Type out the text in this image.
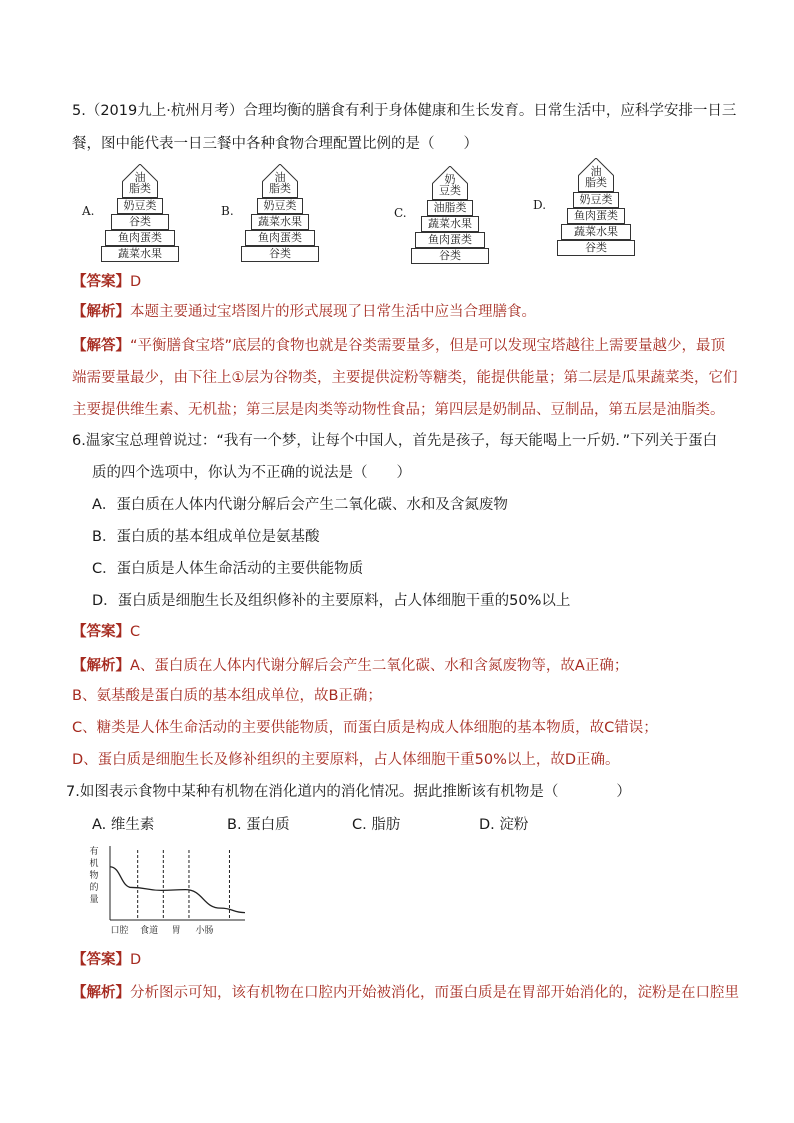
5.（2019九上·杭州月考）合理均衡的膳食有利于身体健康和生长发育。日常生活中，应科学安排一日三
餐，图中能代表一日三餐中各种食物合理配置比例的是（　　）
A.
脂类
奶豆类
谷类
鱼肉蛋类
蔬菜水果
油
B.
脂类
奶豆类
蔬菜水果
鱼肉蛋类
谷类
油
C.
豆类
油脂类
蔬菜水果
鱼肉蛋类
谷类
奶
D.
脂类
奶豆类
鱼肉蛋类
蔬菜水果
谷类
油
【答案】D
【解析】本题主要通过宝塔图片的形式展现了日常生活中应当合理膳食。
【解答】“平衡膳食宝塔”底层的食物也就是谷类需要量多，但是可以发现宝塔越往上需要量越少，最顶
端需要量最少，由下往上①层为谷物类，主要提供淀粉等糖类，能提供能量；第二层是瓜果蔬菜类，它们
主要提供维生素、无机盐；第三层是肉类等动物性食品；第四层是奶制品、豆制品，第五层是油脂类。
6.温家宝总理曾说过：“我有一个梦，让每个中国人，首先是孩子，每天能喝上一斤奶．”下列关于蛋白
质的四个选项中，你认为不正确的说法是（　　）
A．蛋白质在人体内代谢分解后会产生二氧化碳、水和及含氮废物
B．蛋白质的基本组成单位是氨基酸
C．蛋白质是人体生命活动的主要供能物质
D．蛋白质是细胞生长及组织修补的主要原料，占人体细胞干重的50%以上
【答案】C
【解析】A、蛋白质在人体内代谢分解后会产生二氧化碳、水和含氮废物等，故A正确；
B、氨基酸是蛋白质的基本组成单位，故B正确；
C、糖类是人体生命活动的主要供能物质，而蛋白质是构成人体细胞的基本物质，故C错误；
D、蛋白质是细胞生长及修补组织的主要原料，占人体细胞干重50%以上，故D正确。
7.如图表示食物中某种有机物在消化道内的消化情况。据此推断该有机物是（　　　　）
A. 维生素	B. 蛋白质	C. 脂肪	D. 淀粉
有
机
物
的
量
口腔 食道 胃 小肠
【答案】D
【解析】分析图示可知，该有机物在口腔内开始被消化，而蛋白质是在胃部开始消化的，淀粉是在口腔里
